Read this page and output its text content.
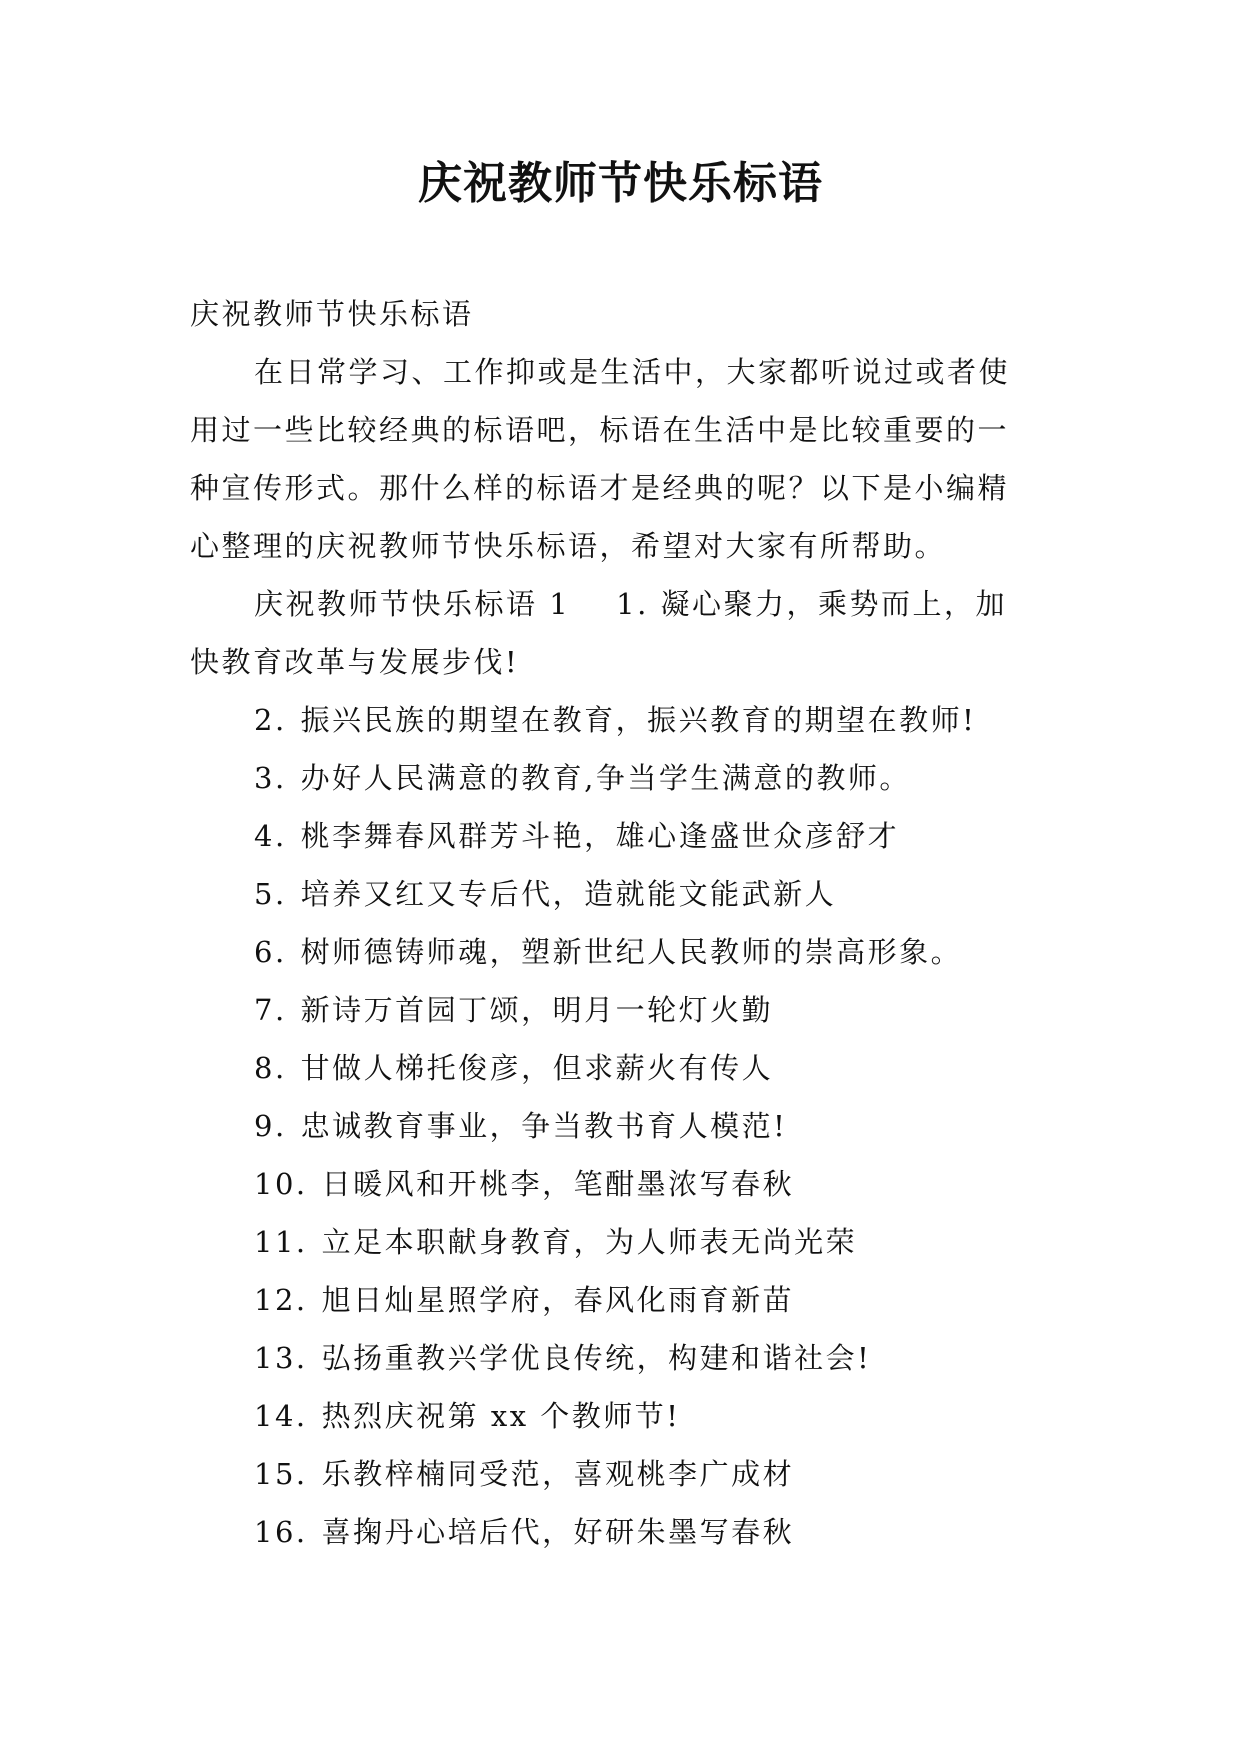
庆祝教师节快乐标语
庆祝教师节快乐标语
在日常学习、工作抑或是生活中，大家都听说过或者使
用过一些比较经典的标语吧，标语在生活中是比较重要的一
种宣传形式。那什么样的标语才是经典的呢？以下是小编精
心整理的庆祝教师节快乐标语，希望对大家有所帮助。
庆祝教师节快乐标语 1 1. 凝心聚力，乘势而上，加
快教育改革与发展步伐!
2. 振兴民族的期望在教育，振兴教育的期望在教师!
3. 办好人民满意的教育,争当学生满意的教师。
4. 桃李舞春风群芳斗艳，雄心逢盛世众彦舒才
5. 培养又红又专后代，造就能文能武新人
6. 树师德铸师魂，塑新世纪人民教师的崇高形象。
7. 新诗万首园丁颂，明月一轮灯火勤
8. 甘做人梯托俊彦，但求薪火有传人
9. 忠诚教育事业，争当教书育人模范!
10. 日暖风和开桃李，笔酣墨浓写春秋
11. 立足本职献身教育，为人师表无尚光荣
12. 旭日灿星照学府，春风化雨育新苗
13. 弘扬重教兴学优良传统，构建和谐社会!
14. 热烈庆祝第 xx 个教师节!
15. 乐教梓楠同受范，喜观桃李广成材
16. 喜掬丹心培后代，好研朱墨写春秋
